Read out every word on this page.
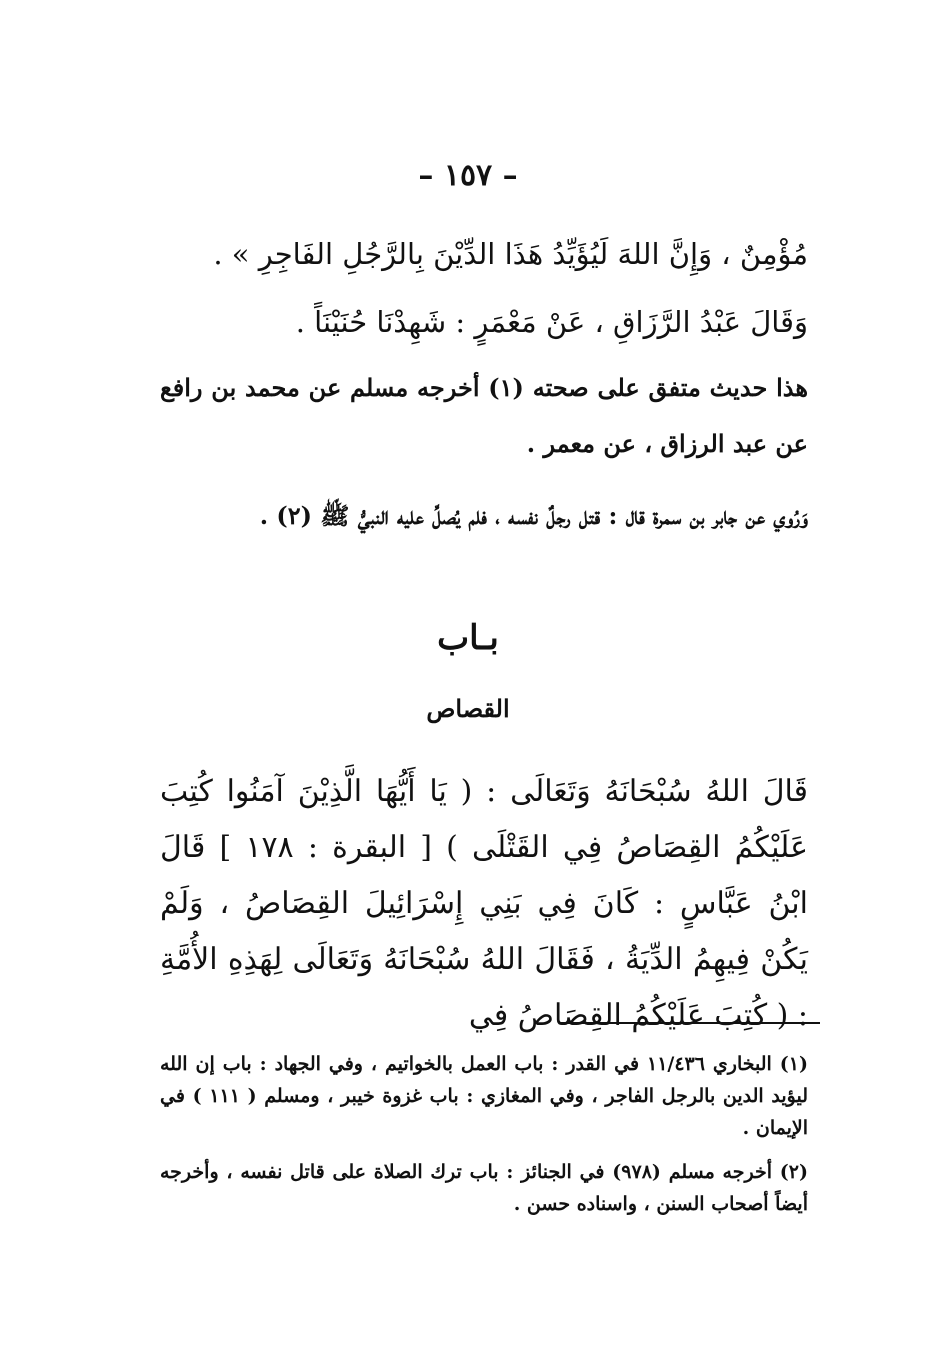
– ١٥٧ –

مُؤْمِنٌ ، وَإِنَّ اللهَ لَيُؤَيِّدُ هَذَا الدِّيْنَ بِالرَّجُلِ الفَاجِرِ » .

وَقَالَ عَبْدُ الرَّزَاقِ ، عَنْ مَعْمَرٍ : شَهِدْنَا حُنَيْنَاً .

هذا حديث متفق على صحته (١) أخرجه مسلم عن محمد بن رافع عن عبد الرزاق ، عن معمر .

وَرُوي عن جابر بن سمرة قال : قتل رجلٌ نفسه ، فلم يُصلِّ عليه النبيُّ ﷺ (٢) .

بـاب
القصاص

قَالَ اللهُ سُبْحَانَهُ وَتَعَالَى : ( يَا أَيُّهَا الَّذِيْنَ آمَنُوا كُتِبَ عَلَيْكُمُ القِصَاصُ فِي القَتْلَى ) [ البقرة : ١٧٨ ] قَالَ ابْنُ عَبَّاسٍ : كَانَ فِي بَنِي إِسْرَائِيلَ القِصَاصُ ، وَلَمْ يَكُنْ فِيهِمُ الدِّيَةُ ، فَقَالَ اللهُ سُبْحَانَهُ وَتَعَالَى لِهَذِهِ الأُمَّةِ : ( كُتِبَ عَلَيْكُمُ القِصَاصُ فِي

(١) البخاري ١١/٤٣٦ في القدر : باب العمل بالخواتيم ، وفي الجهاد : باب إن الله ليؤيد الدين بالرجل الفاجر ، وفي المغازي : باب غزوة خيبر ، ومسلم ( ١١١ ) في الإيمان .

(٢) أخرجه مسلم (٩٧٨) في الجنائز : باب ترك الصلاة على قاتل نفسه ، وأخرجه أيضاً أصحاب السنن ، واسناده حسن .
